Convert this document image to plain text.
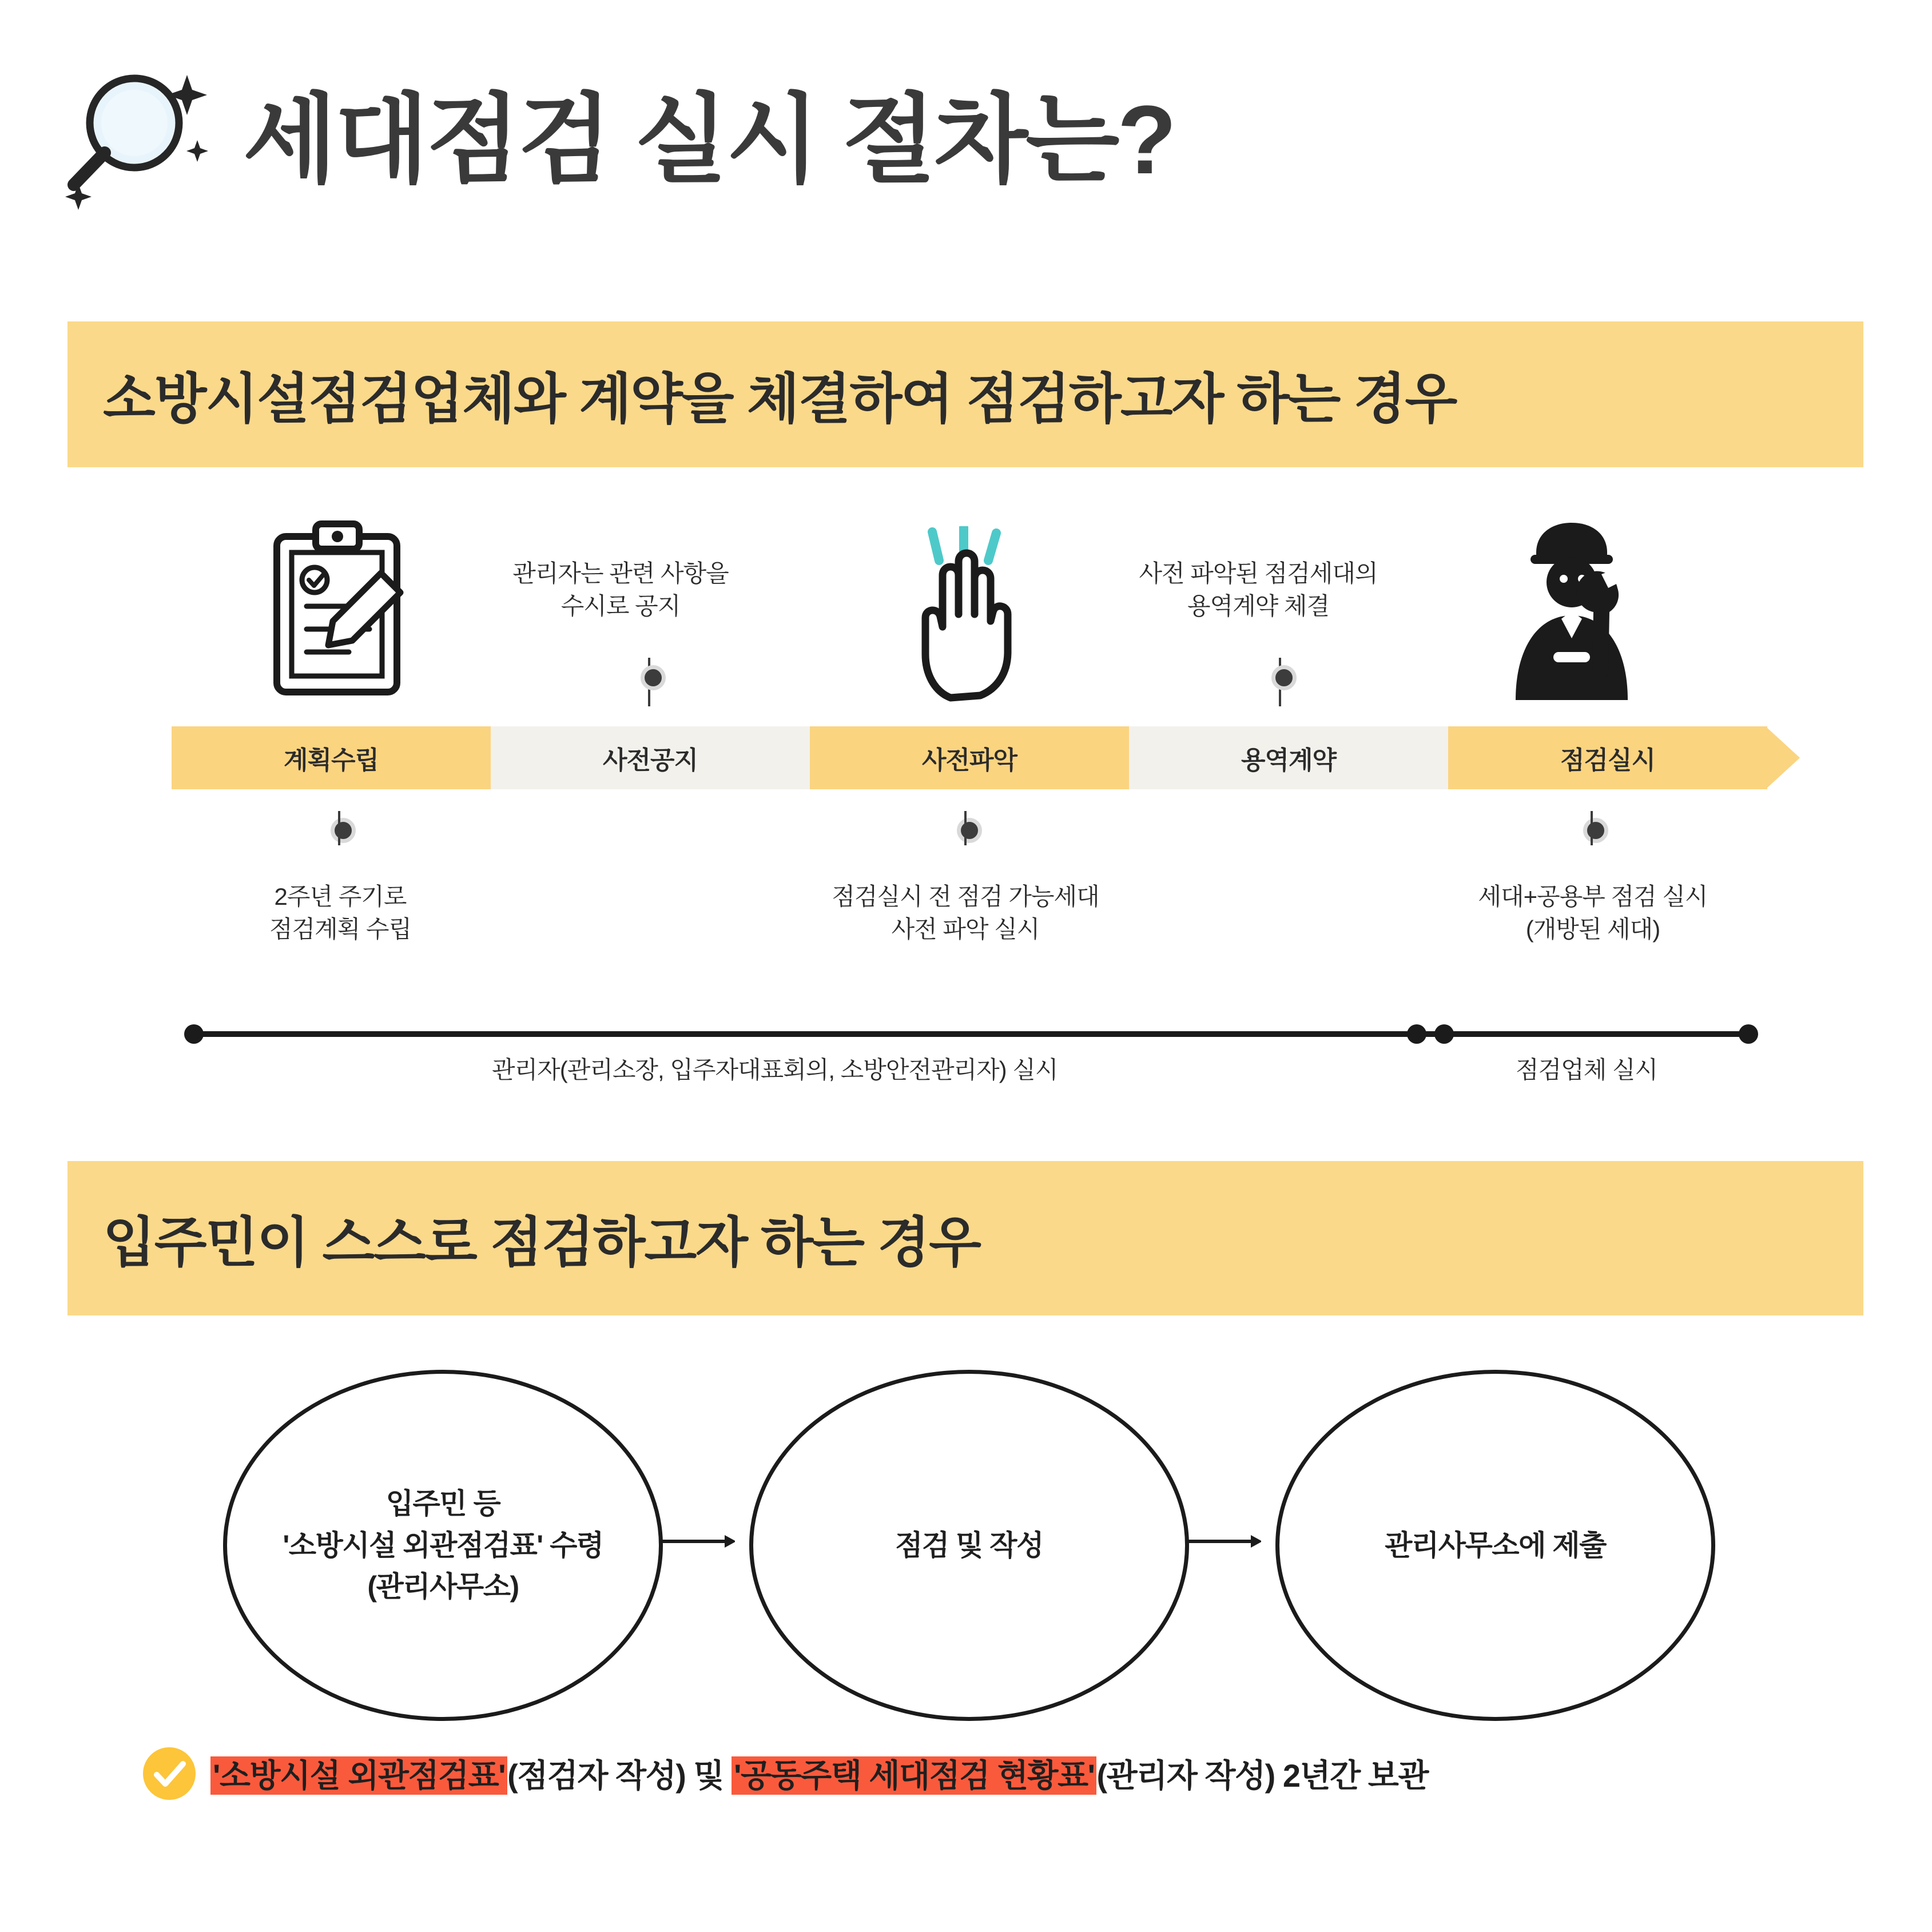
세대점검 실시 절차는?
소방시설점검업체와 계약을 체결하여 점검하고자 하는 경우
관리자는 관련 사항을
수시로 공지
사전 파악된 점검세대의
용역계약 체결
계획수립	사전공지	사전파악	용역계약	점검실시
2주년 주기로
점검계획 수립
점검실시 전 점검 가능세대
사전 파악 실시
세대+공용부 점검 실시
(개방된 세대)
관리자(관리소장, 입주자대표회의, 소방안전관리자) 실시	점검업체 실시
입주민이 스스로 점검하고자 하는 경우
입주민 등
'소방시설 외관점검표' 수령
(관리사무소)
점검 및 작성	관리사무소에 제출
'소방시설 외관점검표'(점검자 작성) 및 '공동주택 세대점검 현황표'(관리자 작성) 2년간 보관
